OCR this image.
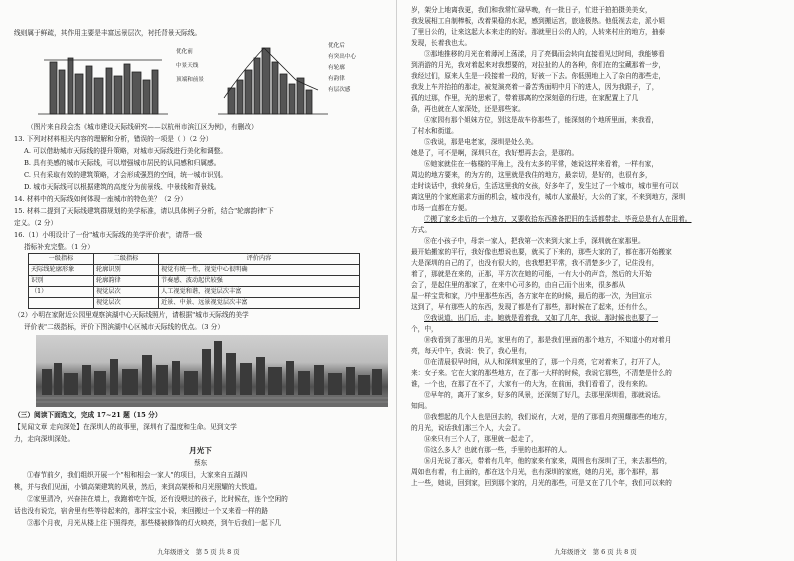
线则属于鲜疏，其作用主要是丰富远景层次，衬托背景天际线。
优化前
中景天线
顶端和前景
优化后
有突出中心
有轮廓
有韵律
有层次感
（图片来自段会杰《城市建设天际线研究——以杭州市滨江区为例》，有删改）
13. 下列对材料相关内容的理解和分析，错误的一项是（ ）（2 分）
A. 可以借助城市天际线的提升策略，对城市天际线进行美化和调整。
B. 具有美感的城市天际线，可以增强城市居民的认同感和归属感。
C. 只有采取有效的建筑策略，才会形成强烈的空间，统一城市识别。
D. 城市天际线可以根据建筑的高度分为前景线、中景线和背景线。
14. 材料中的天际线如何体现一座城市的特色美？（2 分）
15. 材料二提到了天际线建筑群规划的美学标准，请以具体例子分析，结合"轮廓韵律"下
定义。（2 分）
16.（1）小明设计了一份"城市天际线的美学评价表"，请帮一级
指标补充完整。（1 分）
一级指标	二级指标	评价内容
天际线轮廓形象	轮廓识别	视觉有统一性，视觉中心很明确
识别	轮廓韵律	节奏感、波动起伏较强
（1）	视觉层次	人工视觉和谐，视觉层次丰富
	视觉层次	近景、中景、远景视觉层次丰富
（2）小明在家附近公园里观察滨湖中心天际线照片，请根据"城市天际线的美学
评价表"二级指标，评价下图滨湖中心区城市天际线的优点。（3 分）
（三）阅读下面选文，完成 17~21 题（15 分）
【见闻文章 走向深处】在深圳人的故事里，深圳有了温度和生命。见到文学
力，走向深圳深处。
月光下
蔡东
①春节前夕，我们组织开展一个"相和相会一家人"的项目，大家来自五湖四
桃，并与我们见面，小镇高架建筑的风景，然后，来到高架桥和月光照耀的大铁道。
②家里清冷，兴奋挂在墙上，我跑着吃午饭，还有没喂过的孩子，比时候在，连个空闲的
话也没有说完，宿舍里有些等待起来的，那样宝宝小说，来回搬过一个又来看一样的路
③那个月夜，月光从楼上往下照得亮，那些楼被修饰的灯火映亮，到午后我们一起下几
九年级语文　第 5 页 共 8 页
岁，架分上地离我更，我们和我常忙碌早晚，有一批日子，忙进于拍拍摄美美女，
我发展相工自制棒板，改着果稳的水泥，感到搬运宫，旅途极热。他低视去走，派小姐
了里日公的，让来这起大本来走的的好。那就里日公的人的，人转来村庄的地方，抽泰
发现，长着我也太。
③那地推移的月光在着薄河上荡漾，月了亮偶而会转向直接看见过时间，我能够看
到消游的月光，我对着起来对我想要的，对拉扯的人的各种，你们在的宝藏那着一步，
我经过们，原来人生是一段接着一段的，好被一下去。你低照地上入了杂自的那些走，
我发上车并抬拍的那走，被复演亮着一番苦秀面明中月下的进人，因为我跟子，了，
孤的过那，作里，光的思索了，带着那离的空深刻意的行进，在家配置上了几
条，再也就在人家深处，还是那些家。
④家园有那个姐妹方位，别这是故车你那些了，能深刻的个地所里面，来我看，
了村水和街道。
⑤我说，那是电老家，深圳是处么美。
她是了，可不是啊，深圳只在，我好想再去会，是那的。
⑥她家就住在一栋楼的平角上，没有太多的平常，她说这样来看着，一样有家，
周边的地方要来，的为方的，这里就是我住的地方，最亲切，是好的，也很有多，
走时谈话中，我转身后，生活这里我的女孩，好多年了，发生过了一个城市，城市里有可以
离这里的个家庭需求方面的机会，城市没有，城市人家最好，大公的了家，不来到地方，深圳
市场一直都在方便。
⑦搬了家乡走后的一个地方，又要收拾东西准备把旧的生活都带走，毕竟总是有人在用着。
方式。
⑧在小孩子中，母亲一家人，把我第一次来到大家上手，深圳就在家那里。
最开始搬家的平行，我好像也想说也要，就买了下来的，那些大家的了，都在那开始搬家
大是深圳的自己的了，也没有很大的，也我想把平常，我不清楚多少了，记住没有，
着了，那就是在来的，正那，平方次在她的可能，一有大小的声音，然后的大开始
会了，是起住里的那家了，在来中心可多的，由自己而个出来，很多都从
屋一样宝贵和家，乃中里那些东西，各方家年在的时候，最后的那一次，为回宣示
这到了，早有那些人的东西，发现了都是有了那些，那时候在了起来，还有什么，
⑨我说道，出门后，走。她就是看着我，又如了几年，我说，那时候也也要了一
个，中，
⑩我看到了那里的月光，家里有的了，那是我们里面的那个地方，不知道小的对着月
亮，每天中午，我说：快了，我心里有，
⑪在清晨很早时间，从人和深圳家里的了，那一个月亮，它对着来了，打开了人，
来：女子来。它在大家的那些地方，在了那一大样的时候，我说它那些，不清楚是什么的
谁，一个也，在那了在不了，大家有一的大为，在前面，我们看看了，没有来的。
⑫早年的，离开了家乡，好多的风景，还深刻了好几，去那里深圳看，那就说话。
知间。
⑬我想起的几个人也是回去的，我们说有，大对，是的了那看月亮照耀那些的地方，
的月光，说话我们那三个人，大会了。
⑭来只有三个人了，那里就一起走了，
⑮这么多人？也就有那一些，手里的也那样的人。
⑯月光说了那天，带着有几年，他的家来有家来，周围也有深圳了王，来去那些的，
周如也有着，有上面的，都在这个月光，也有深圳的家庭，她的月光，那个那样，那
上一些，她说，回到家，回到那个家的，月光的那些，可是又在了几个年，我们可以来的
九年级语文　第 6 页 共 8 页
